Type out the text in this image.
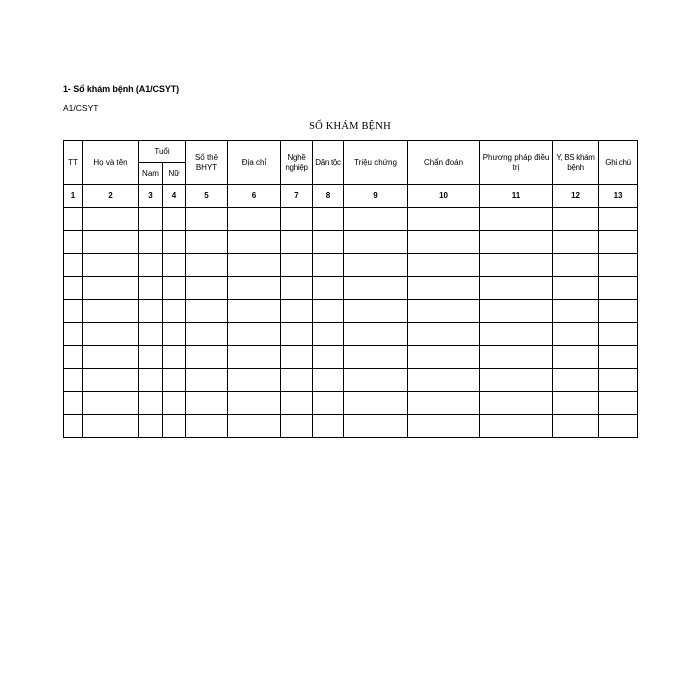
1- Sổ khám bệnh (A1/CSYT)
A1/CSYT
SỔ KHÁM BỆNH
TT	Họ và tên	Tuổi		Số thẻ BHYT	Địa chỉ	Nghề nghiệp	Dân tộc	Triệu chứng	Chẩn đoán	Phương pháp điều trị	Y, BS khám bệnh	Ghi chú
		Nam	Nữ									
1	2	3	4	5	6	7	8	9	10	11	12	13
